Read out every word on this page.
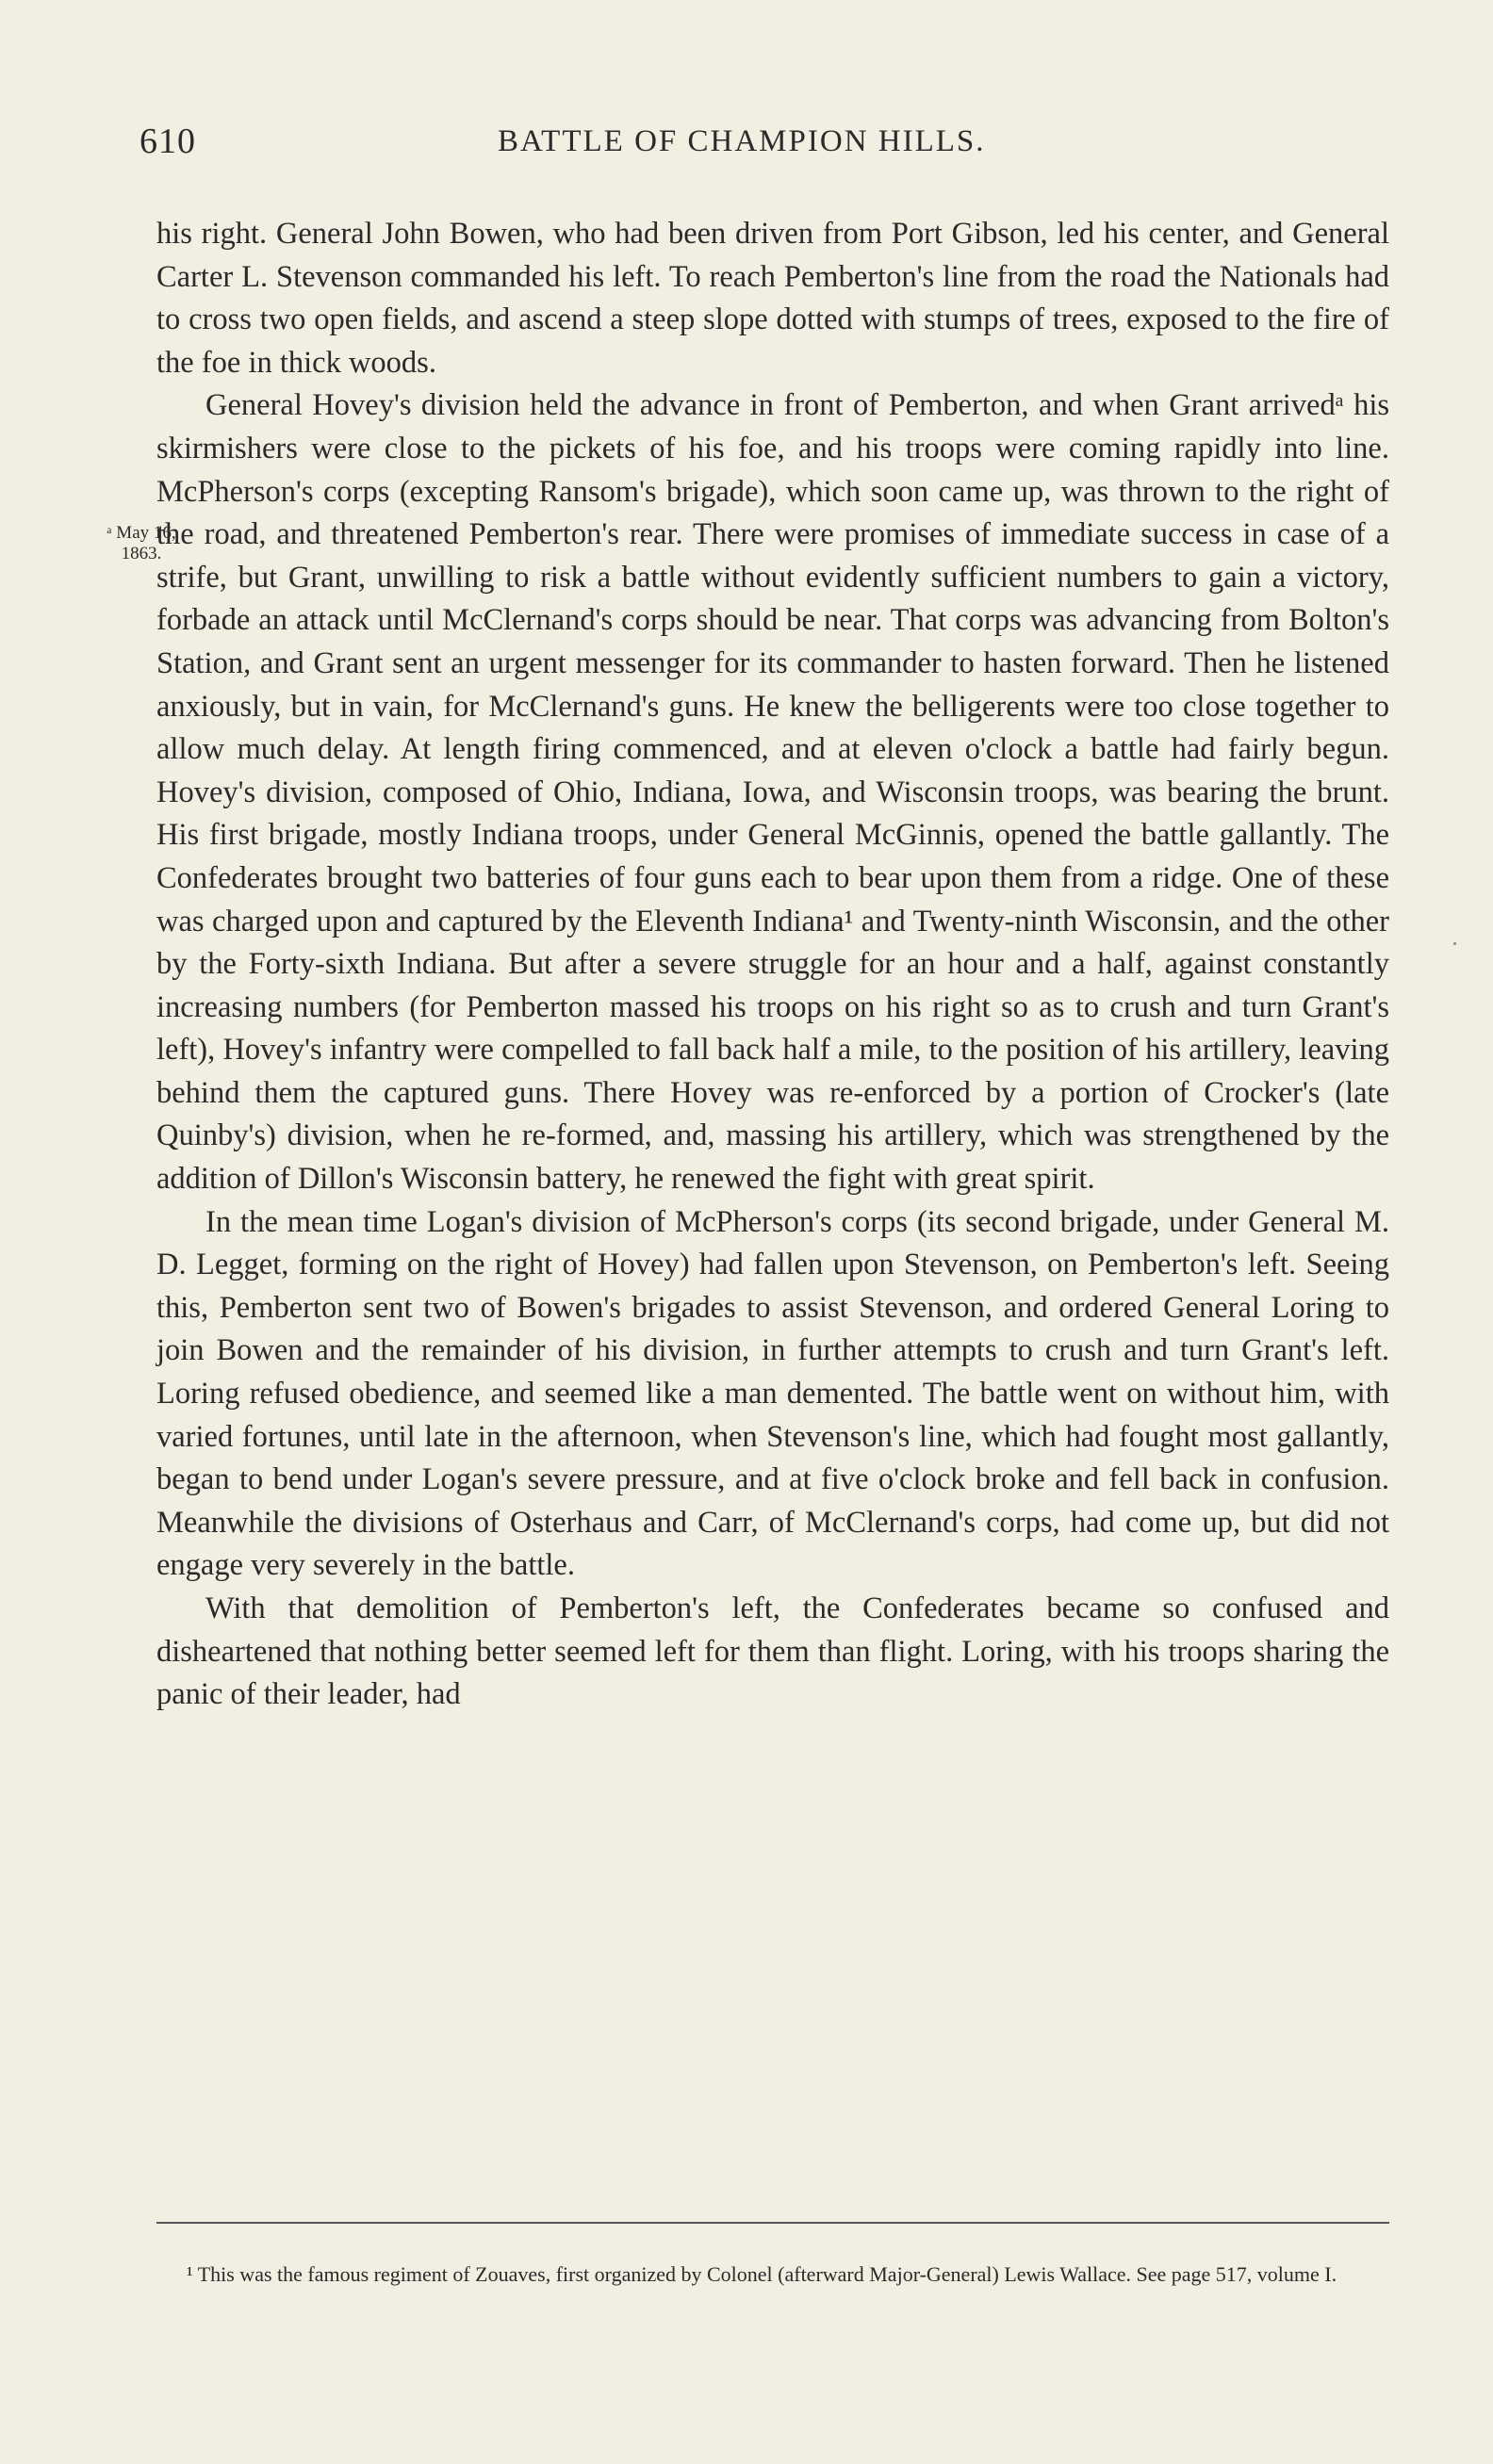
610	BATTLE OF CHAMPION HILLS.
ᵃ May 16,
1863.

his right. General John Bowen, who had been driven from Port Gibson, led his center, and General Carter L. Stevenson commanded his left. To reach Pemberton's line from the road the Nationals had to cross two open fields, and ascend a steep slope dotted with stumps of trees, exposed to the fire of the foe in thick woods.

General Hovey's division held the advance in front of Pemberton, and when Grant arrivedᵃ his skirmishers were close to the pickets of his foe, and his troops were coming rapidly into line. McPherson's corps (excepting Ransom's brigade), which soon came up, was thrown to the right of the road, and threatened Pemberton's rear. There were promises of immediate success in case of a strife, but Grant, unwilling to risk a battle without evidently sufficient numbers to gain a victory, forbade an attack until McClernand's corps should be near. That corps was advancing from Bolton's Station, and Grant sent an urgent messenger for its commander to hasten forward. Then he listened anxiously, but in vain, for McClernand's guns. He knew the belligerents were too close together to allow much delay. At length firing commenced, and at eleven o'clock a battle had fairly begun. Hovey's division, composed of Ohio, Indiana, Iowa, and Wisconsin troops, was bearing the brunt. His first brigade, mostly Indiana troops, under General McGinnis, opened the battle gallantly. The Confederates brought two batteries of four guns each to bear upon them from a ridge. One of these was charged upon and captured by the Eleventh Indiana¹ and Twenty-ninth Wisconsin, and the other by the Forty-sixth Indiana. But after a severe struggle for an hour and a half, against constantly increasing numbers (for Pemberton massed his troops on his right so as to crush and turn Grant's left), Hovey's infantry were compelled to fall back half a mile, to the position of his artillery, leaving behind them the captured guns. There Hovey was re-enforced by a portion of Crocker's (late Quinby's) division, when he re-formed, and, massing his artillery, which was strengthened by the addition of Dillon's Wisconsin battery, he renewed the fight with great spirit.

In the mean time Logan's division of McPherson's corps (its second brigade, under General M. D. Legget, forming on the right of Hovey) had fallen upon Stevenson, on Pemberton's left. Seeing this, Pemberton sent two of Bowen's brigades to assist Stevenson, and ordered General Loring to join Bowen and the remainder of his division, in further attempts to crush and turn Grant's left. Loring refused obedience, and seemed like a man demented. The battle went on without him, with varied fortunes, until late in the afternoon, when Stevenson's line, which had fought most gallantly, began to bend under Logan's severe pressure, and at five o'clock broke and fell back in confusion. Meanwhile the divisions of Osterhaus and Carr, of McClernand's corps, had come up, but did not engage very severely in the battle.

With that demolition of Pemberton's left, the Confederates became so confused and disheartened that nothing better seemed left for them than flight. Loring, with his troops sharing the panic of their leader, had

¹ This was the famous regiment of Zouaves, first organized by Colonel (afterward Major-General) Lewis Wallace. See page 517, volume I.
